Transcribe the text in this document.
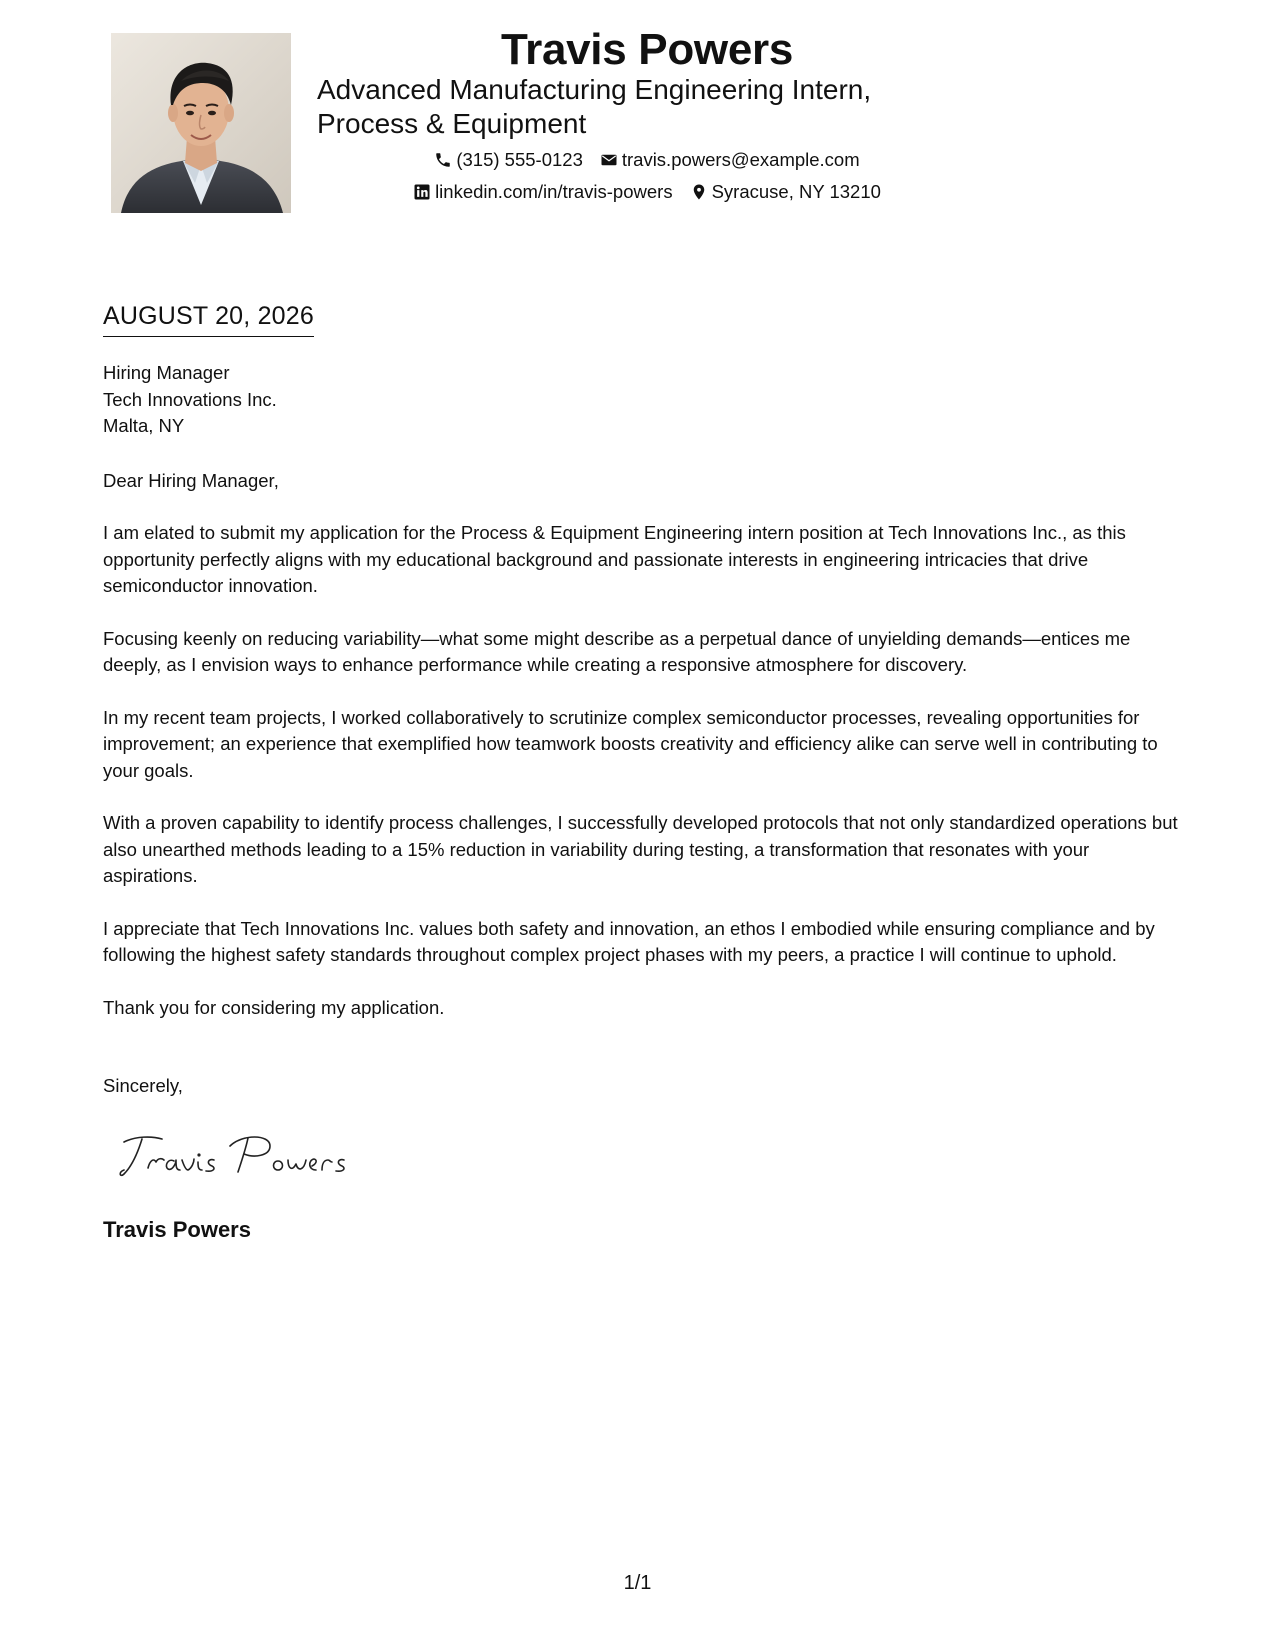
Travis Powers
Advanced Manufacturing Engineering Intern,
Process & Equipment
(315) 555-0123 travis.powers@example.com
linkedin.com/in/travis-powers Syracuse, NY 13210
AUGUST 20, 2026
Hiring Manager
Tech Innovations Inc.
Malta, NY
Dear Hiring Manager,

I am elated to submit my application for the Process & Equipment Engineering intern position at Tech Innovations Inc., as this opportunity perfectly aligns with my educational background and passionate interests in engineering intricacies that drive semiconductor innovation.

Focusing keenly on reducing variability—what some might describe as a perpetual dance of unyielding demands—entices me deeply, as I envision ways to enhance performance while creating a responsive atmosphere for discovery.

In my recent team projects, I worked collaboratively to scrutinize complex semiconductor processes, revealing opportunities for improvement; an experience that exemplified how teamwork boosts creativity and efficiency alike can serve well in contributing to your goals.

With a proven capability to identify process challenges, I successfully developed protocols that not only standardized operations but also unearthed methods leading to a 15% reduction in variability during testing, a transformation that resonates with your aspirations.

I appreciate that Tech Innovations Inc. values both safety and innovation, an ethos I embodied while ensuring compliance and by following the highest safety standards throughout complex project phases with my peers, a practice I will continue to uphold.

Thank you for considering my application.

Sincerely,
Travis Powers
1/1
